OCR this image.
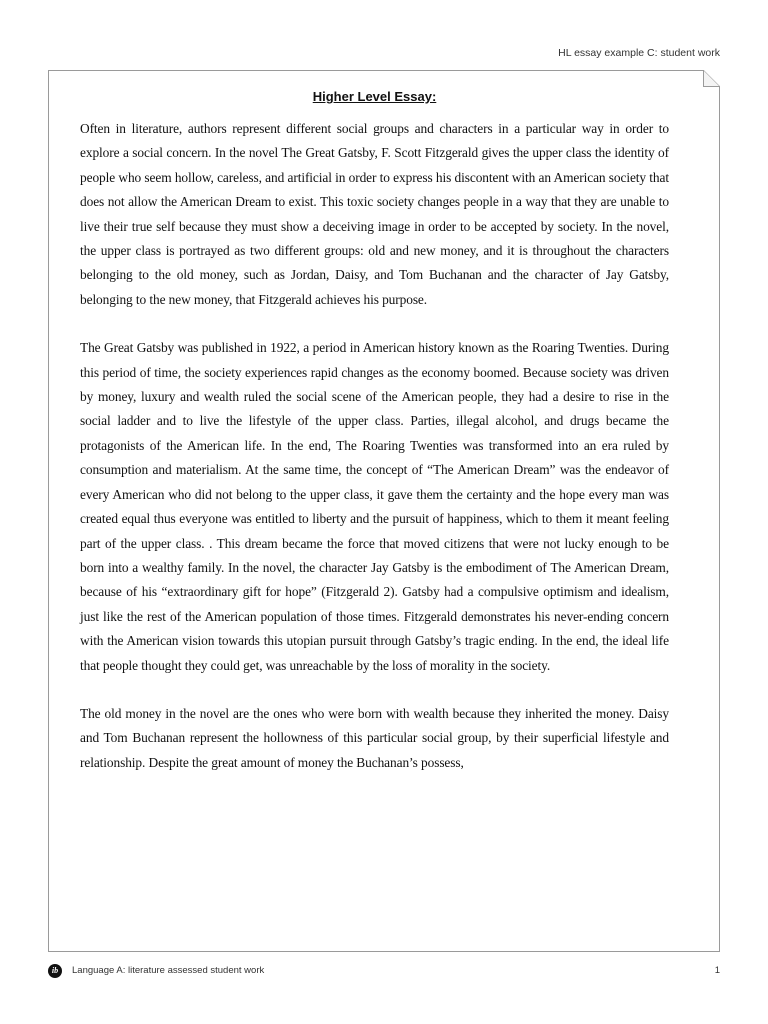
HL essay example C: student work
Higher Level Essay:

Often in literature, authors represent different social groups and characters in a particular way in order to explore a social concern. In the novel The Great Gatsby, F. Scott Fitzgerald gives the upper class the identity of people who seem hollow, careless, and artificial in order to express his discontent with an American society that does not allow the American Dream to exist. This toxic society changes people in a way that they are unable to live their true self because they must show a deceiving image in order to be accepted by society. In the novel, the upper class is portrayed as two different groups: old and new money, and it is throughout the characters belonging to the old money, such as Jordan, Daisy, and Tom Buchanan and the character of Jay Gatsby, belonging to the new money, that Fitzgerald achieves his purpose.

The Great Gatsby was published in 1922, a period in American history known as the Roaring Twenties. During this period of time, the society experiences rapid changes as the economy boomed. Because society was driven by money, luxury and wealth ruled the social scene of the American people, they had a desire to rise in the social ladder and to live the lifestyle of the upper class. Parties, illegal alcohol, and drugs became the protagonists of the American life. In the end, The Roaring Twenties was transformed into an era ruled by consumption and materialism. At the same time, the concept of “The American Dream” was the endeavor of every American who did not belong to the upper class, it gave them the certainty and the hope every man was created equal thus everyone was entitled to liberty and the pursuit of happiness, which to them it meant feeling part of the upper class. . This dream became the force that moved citizens that were not lucky enough to be born into a wealthy family. In the novel, the character Jay Gatsby is the embodiment of The American Dream, because of his “extraordinary gift for hope” (Fitzgerald 2). Gatsby had a compulsive optimism and idealism, just like the rest of the American population of those times. Fitzgerald demonstrates his never-ending concern with the American vision towards this utopian pursuit through Gatsby’s tragic ending. In the end, the ideal life that people thought they could get, was unreachable by the loss of morality in the society.

The old money in the novel are the ones who were born with wealth because they inherited the money. Daisy and Tom Buchanan represent the hollowness of this particular social group, by their superficial lifestyle and relationship. Despite the great amount of money the Buchanan’s possess,

ib	Language A: literature assessed student work	1
